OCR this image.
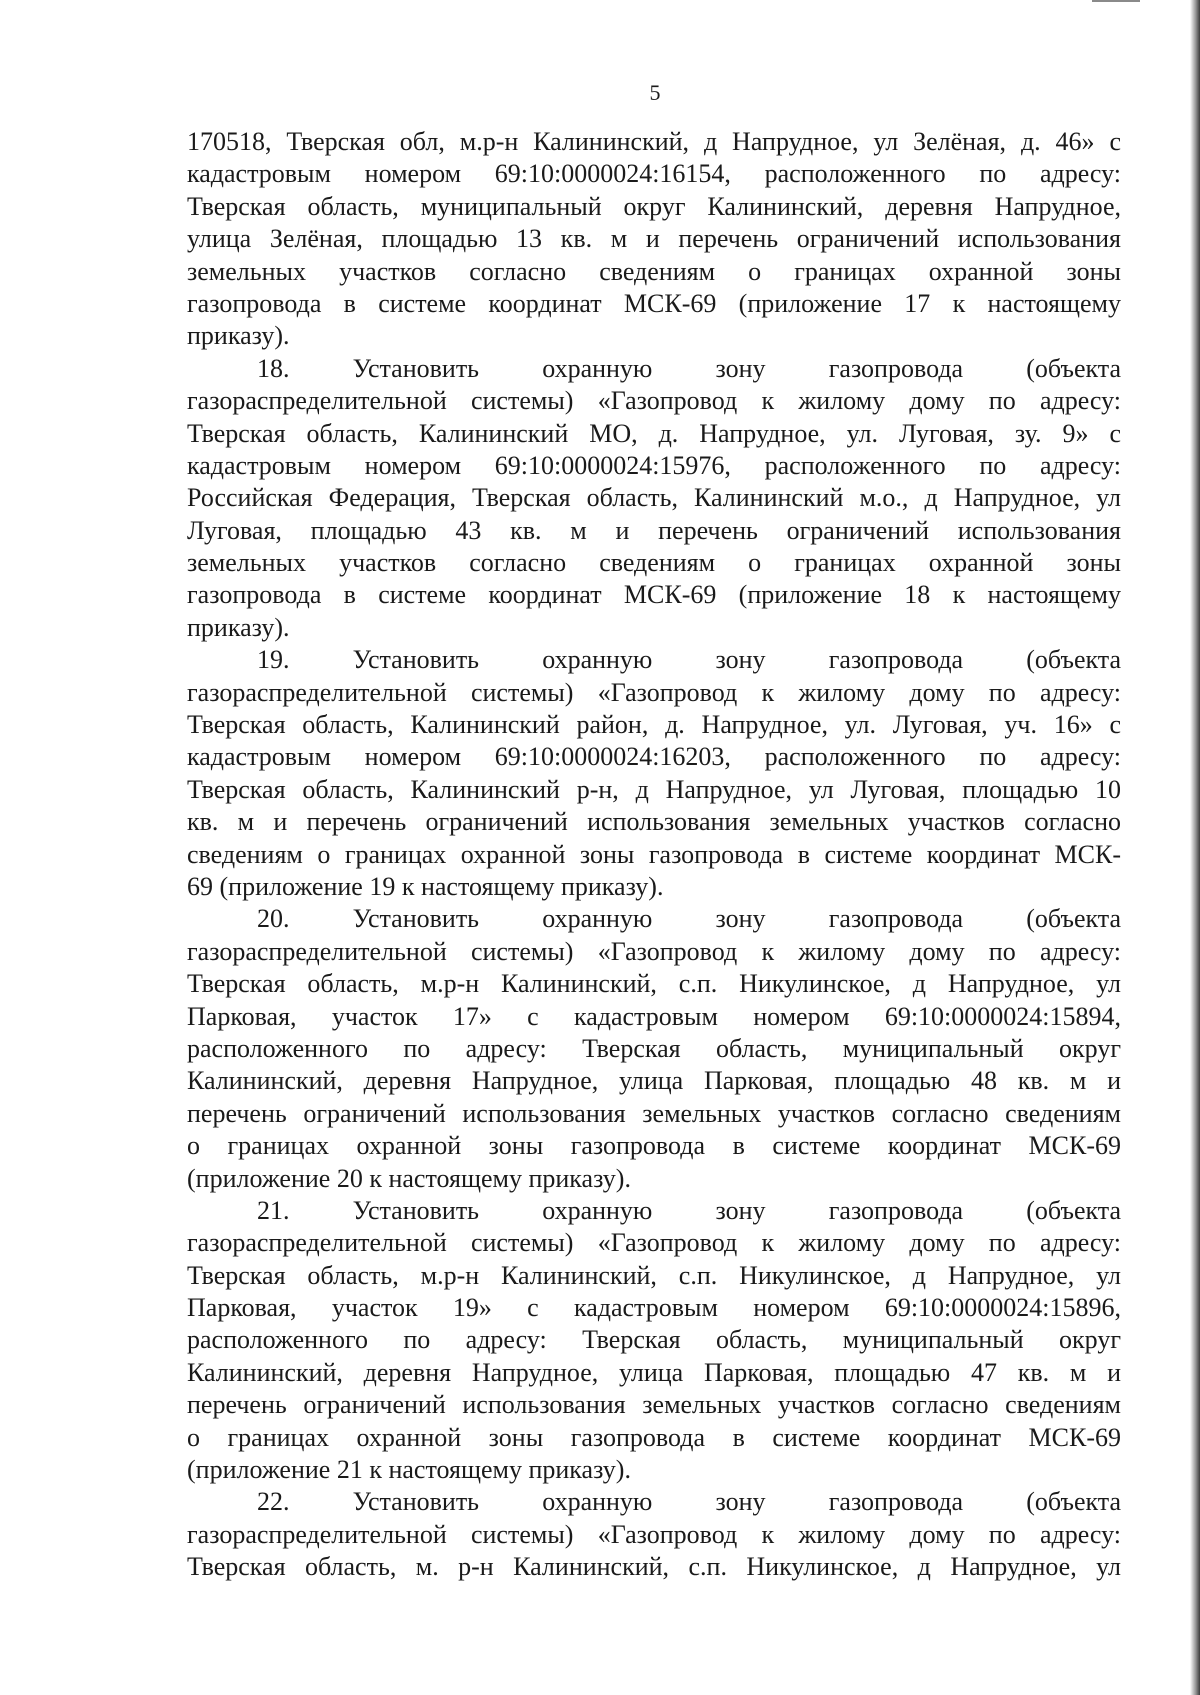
5
170518, Тверская обл, м.р-н Калининский, д Напрудное, ул Зелёная, д. 46» с
кадастровым номером 69:10:0000024:16154, расположенного по адресу:
Тверская область, муниципальный округ Калининский, деревня Напрудное,
улица Зелёная, площадью 13 кв. м и перечень ограничений использования
земельных участков согласно сведениям о границах охранной зоны
газопровода в системе координат МСК-69 (приложение 17 к настоящему
приказу).
18. Установить охранную зону газопровода (объекта
газораспределительной системы) «Газопровод к жилому дому по адресу:
Тверская область, Калининский МО, д. Напрудное, ул. Луговая, зу. 9» с
кадастровым номером 69:10:0000024:15976, расположенного по адресу:
Российская Федерация, Тверская область, Калининский м.о., д Напрудное, ул
Луговая, площадью 43 кв. м и перечень ограничений использования
земельных участков согласно сведениям о границах охранной зоны
газопровода в системе координат МСК-69 (приложение 18 к настоящему
приказу).
19. Установить охранную зону газопровода (объекта
газораспределительной системы) «Газопровод к жилому дому по адресу:
Тверская область, Калининский район, д. Напрудное, ул. Луговая, уч. 16» с
кадастровым номером 69:10:0000024:16203, расположенного по адресу:
Тверская область, Калининский р-н, д Напрудное, ул Луговая, площадью 10
кв. м и перечень ограничений использования земельных участков согласно
сведениям о границах охранной зоны газопровода в системе координат МСК-
69 (приложение 19 к настоящему приказу).
20. Установить охранную зону газопровода (объекта
газораспределительной системы) «Газопровод к жилому дому по адресу:
Тверская область, м.р-н Калининский, с.п. Никулинское, д Напрудное, ул
Парковая, участок 17» с кадастровым номером 69:10:0000024:15894,
расположенного по адресу: Тверская область, муниципальный округ
Калининский, деревня Напрудное, улица Парковая, площадью 48 кв. м и
перечень ограничений использования земельных участков согласно сведениям
о границах охранной зоны газопровода в системе координат МСК-69
(приложение 20 к настоящему приказу).
21. Установить охранную зону газопровода (объекта
газораспределительной системы) «Газопровод к жилому дому по адресу:
Тверская область, м.р-н Калининский, с.п. Никулинское, д Напрудное, ул
Парковая, участок 19» с кадастровым номером 69:10:0000024:15896,
расположенного по адресу: Тверская область, муниципальный округ
Калининский, деревня Напрудное, улица Парковая, площадью 47 кв. м и
перечень ограничений использования земельных участков согласно сведениям
о границах охранной зоны газопровода в системе координат МСК-69
(приложение 21 к настоящему приказу).
22. Установить охранную зону газопровода (объекта
газораспределительной системы) «Газопровод к жилому дому по адресу:
Тверская область, м. р-н Калининский, с.п. Никулинское, д Напрудное, ул
